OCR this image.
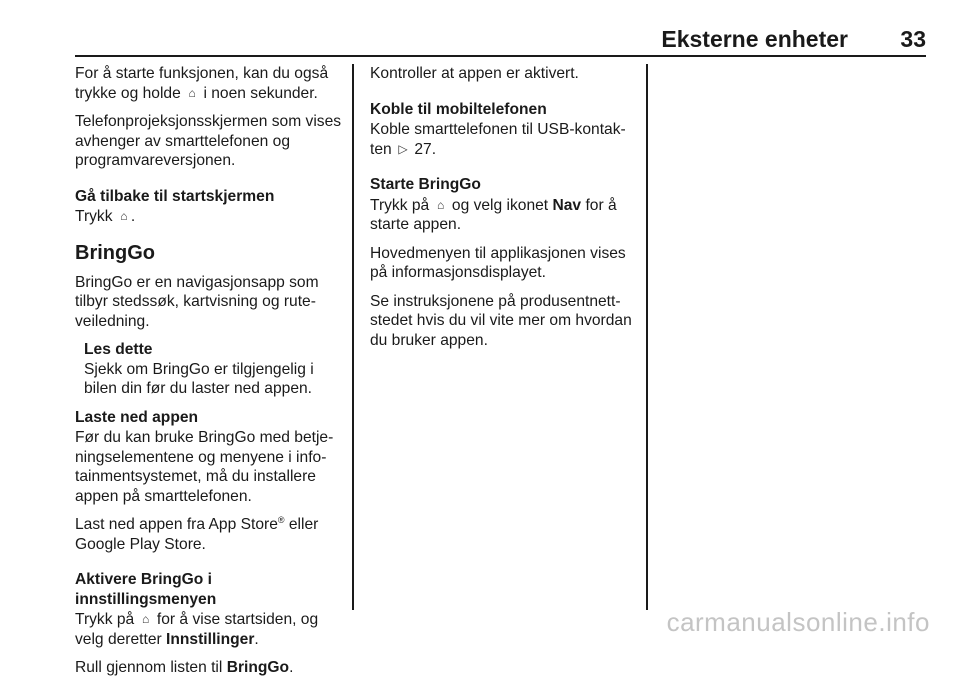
Eksterne enheter 33

For å starte funksjonen, kan du også trykke og holde ⌂ i noen sekunder.

Telefonprojeksjonsskjermen som vises avhenger av smarttelefonen og programvareversjonen.

Gå tilbake til startskjermen

Trykk ⌂ .

BringGo

BringGo er en navigasjonsapp som tilbyr stedssøk, kartvisning og rute-veiledning.

Les dette
Sjekk om BringGo er tilgjengelig i bilen din før du laster ned appen.
Laste ned appen

Før du kan bruke BringGo med betje-ningselementene og menyene i info-tainmentsystemet, må du installere appen på smarttelefonen.

Last ned appen fra App Store® eller Google Play Store.

Aktivere BringGo i innstillingsmenyen

Trykk på ⌂ for å vise startsiden, og velg deretter Innstillinger.

Rull gjennom listen til BringGo.

Kontroller at appen er aktivert.

Koble til mobiltelefonen

Koble smarttelefonen til USB-kontak-ten ▷ 27.

Starte BringGo

Trykk på ⌂ og velg ikonet Nav for å starte appen.

Hovedmenyen til applikasjonen vises på informasjonsdisplayet.

Se instruksjonene på produsentnett-stedet hvis du vil vite mer om hvordan du bruker appen.

carmanualsonline.info
